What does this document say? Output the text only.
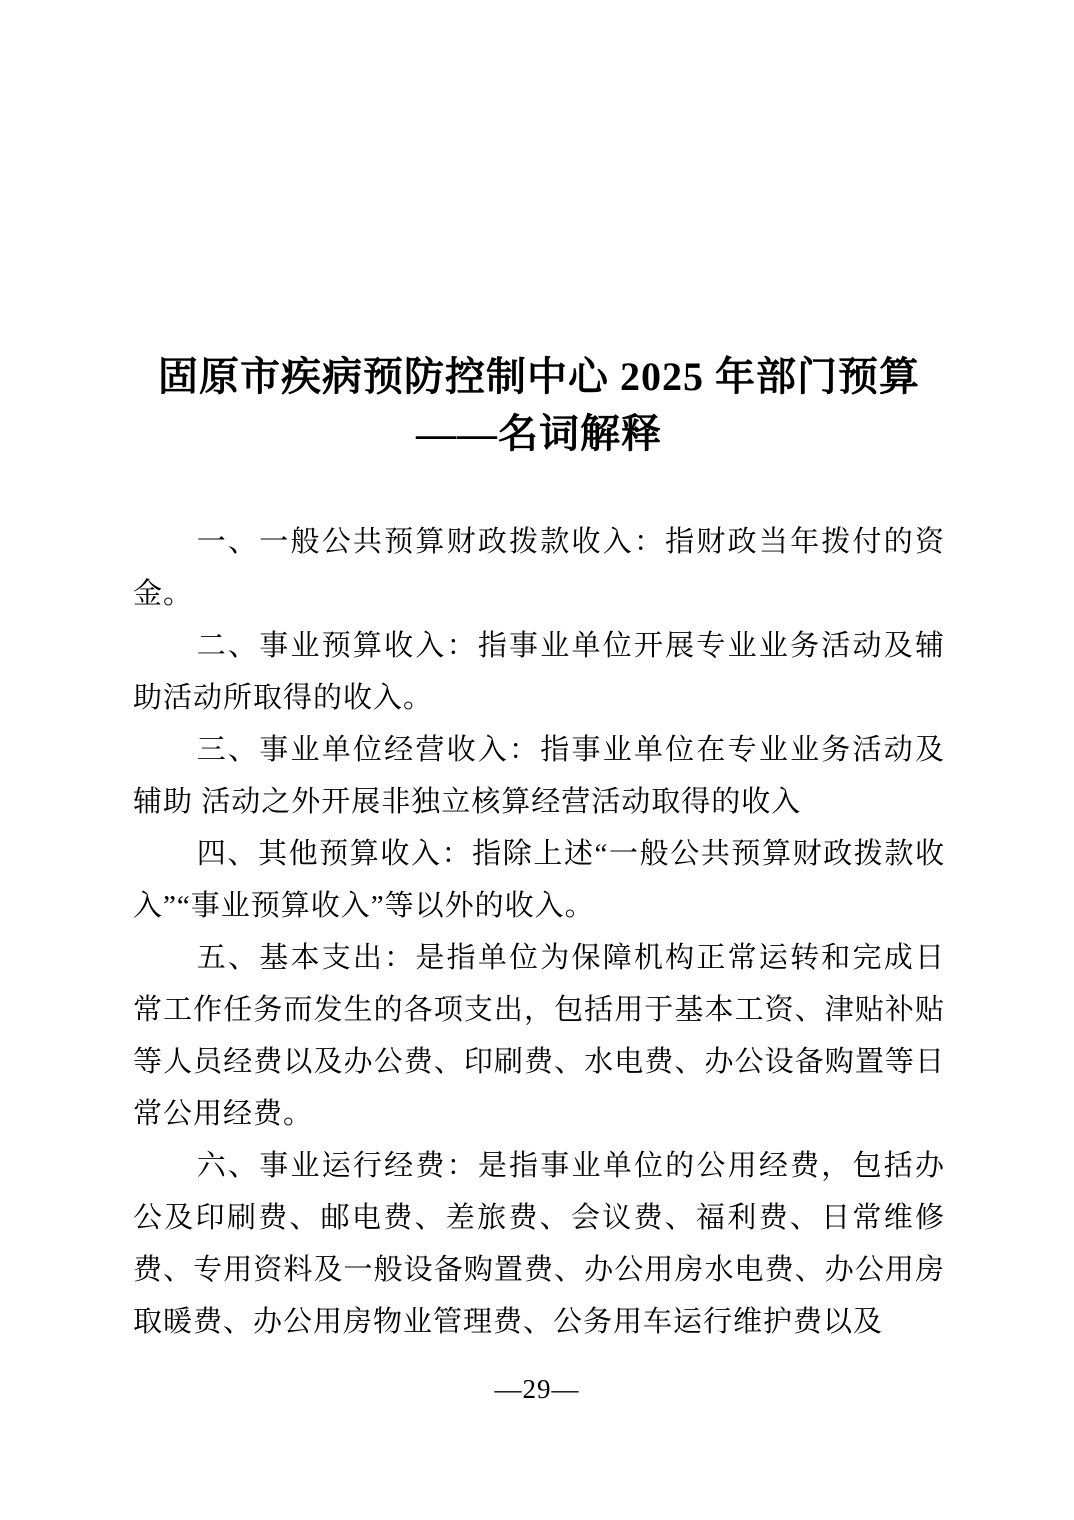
固原市疾病预防控制中心 2025 年部门预算
——名词解释

一、一般公共预算财政拨款收入：指财政当年拨付的资金。

二、事业预算收入：指事业单位开展专业业务活动及辅助活动所取得的收入。

三、事业单位经营收入：指事业单位在专业业务活动及辅助 活动之外开展非独立核算经营活动取得的收入

四、其他预算收入：指除上述“一般公共预算财政拨款收入”“事业预算收入”等以外的收入。

五、基本支出：是指单位为保障机构正常运转和完成日常工作任务而发生的各项支出，包括用于基本工资、津贴补贴等人员经费以及办公费、印刷费、水电费、办公设备购置等日常公用经费。

六、事业运行经费：是指事业单位的公用经费，包括办公及印刷费、邮电费、差旅费、会议费、福利费、日常维修费、专用资料及一般设备购置费、办公用房水电费、办公用房取暖费、办公用房物业管理费、公务用车运行维护费以及

—29—
